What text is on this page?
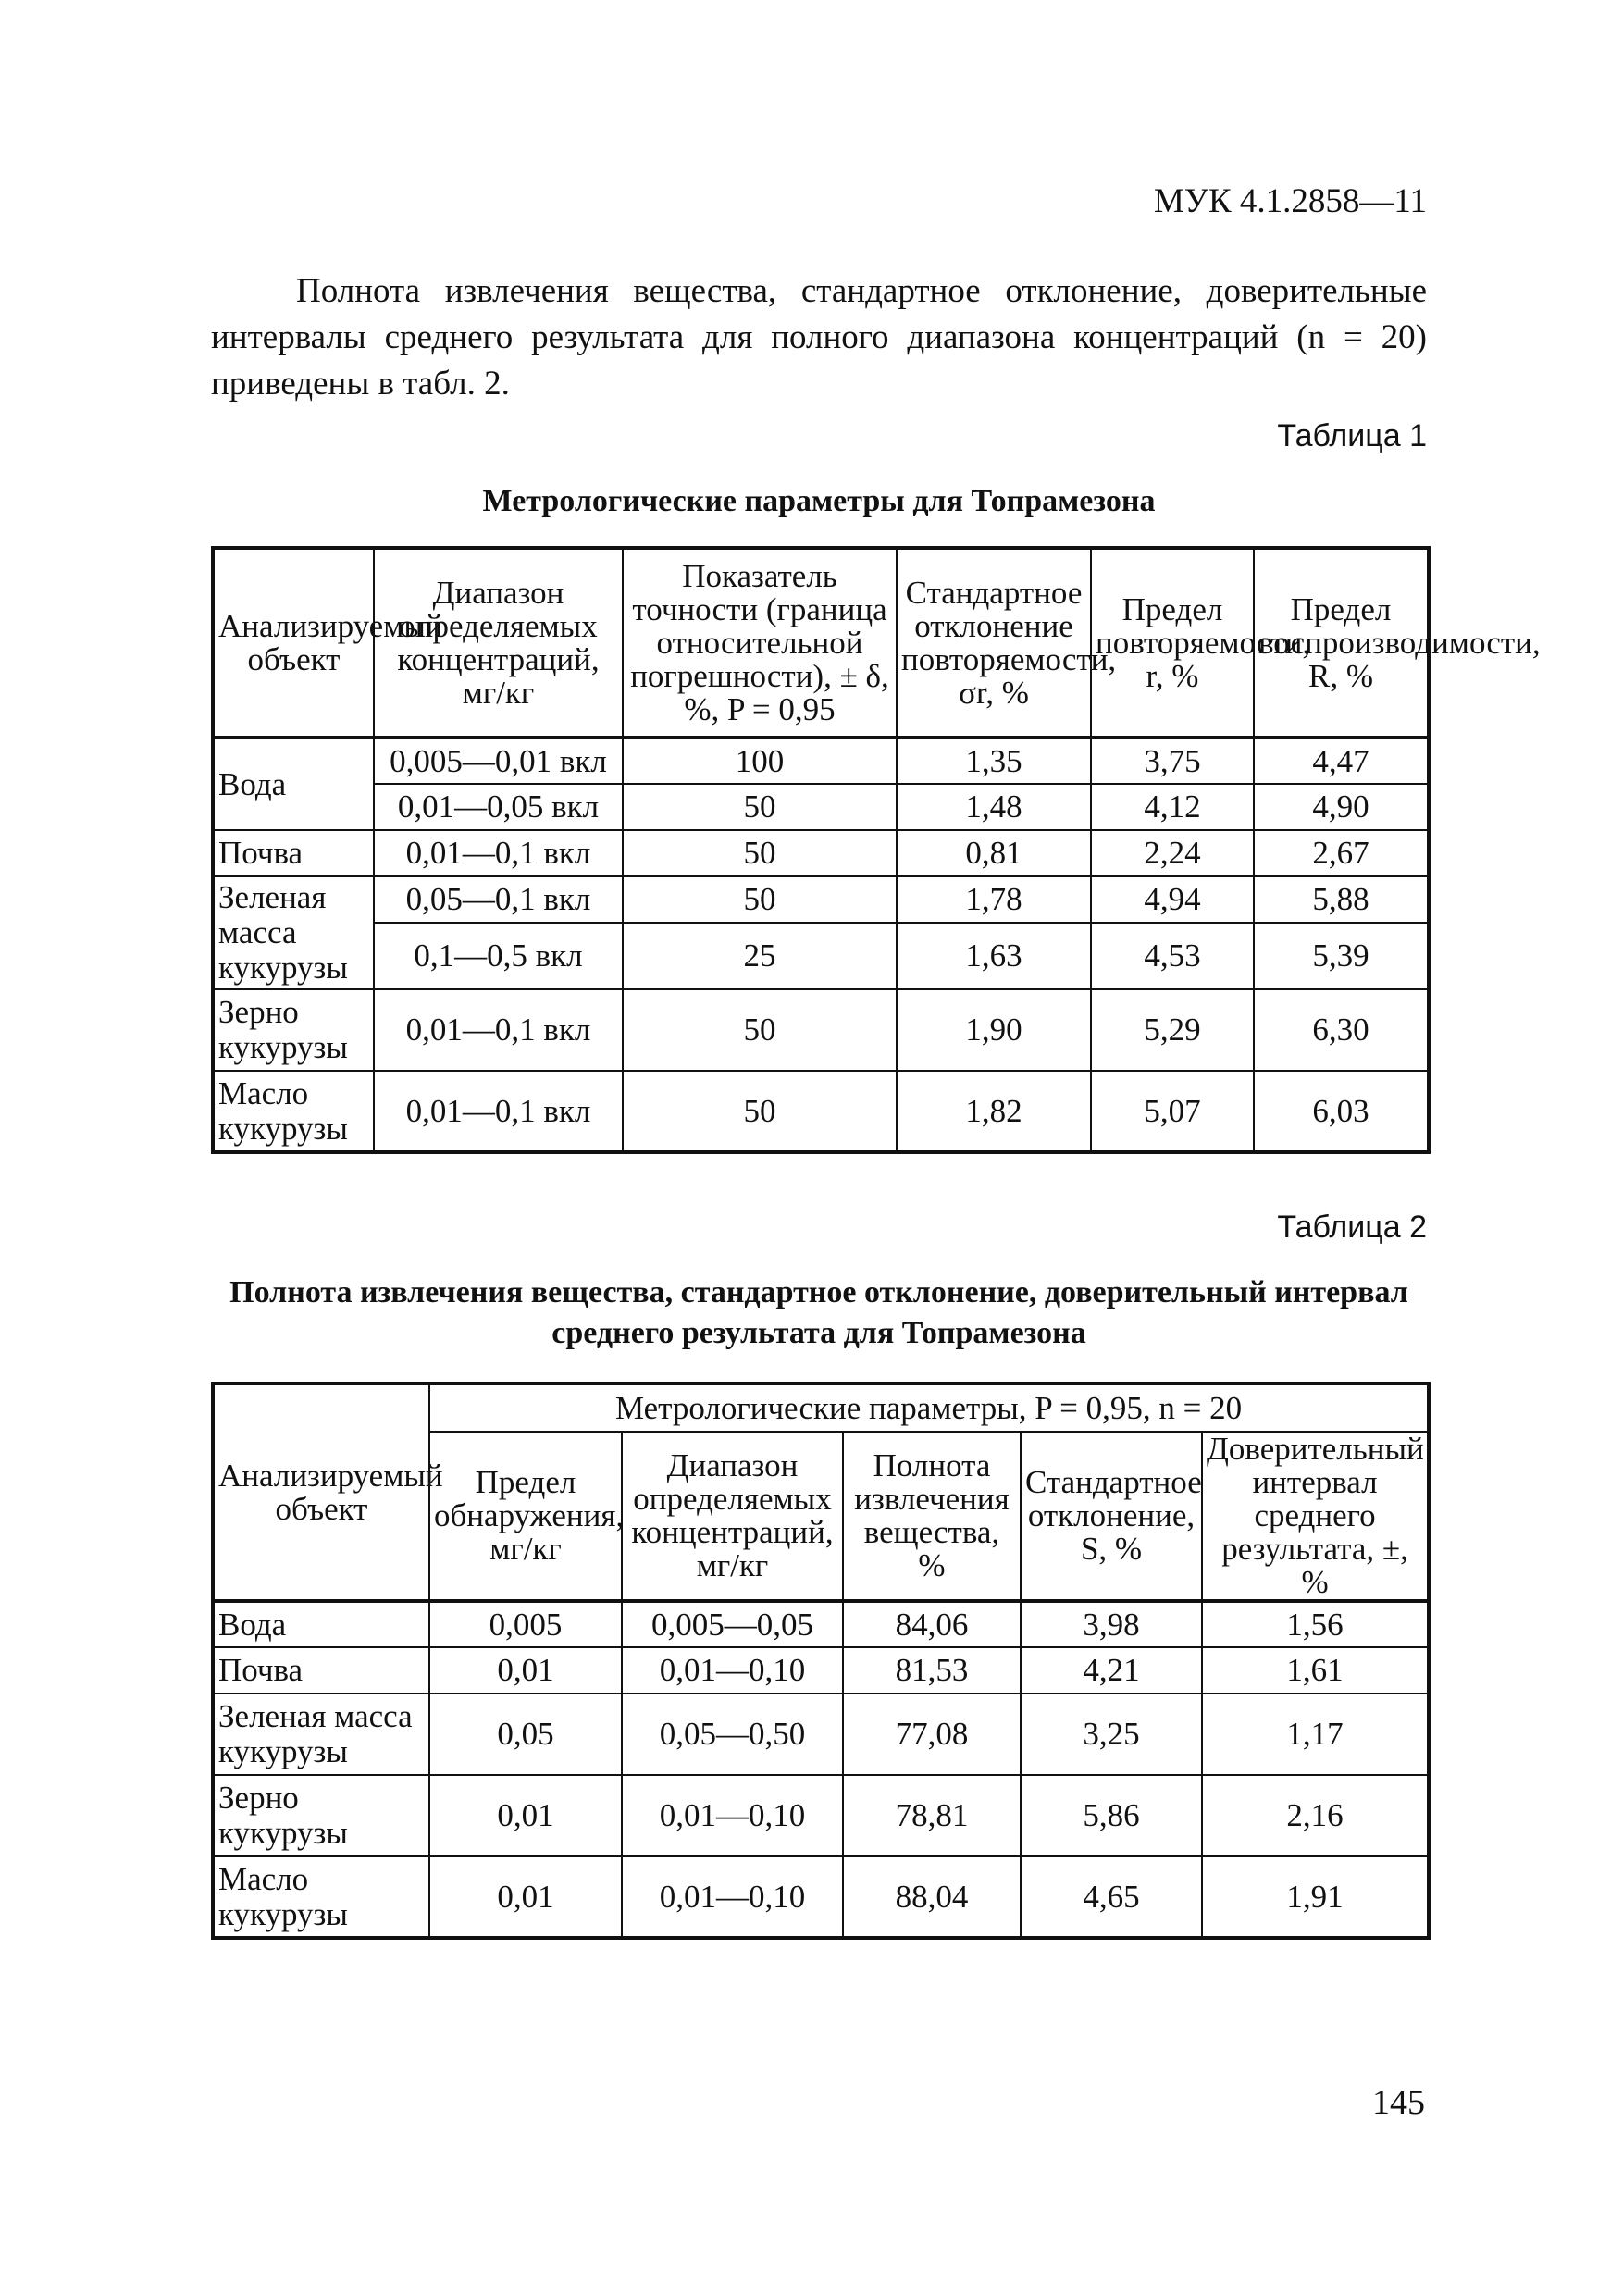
МУК 4.1.2858—11

Полнота извлечения вещества, стандартное отклонение, доверительные интервалы среднего результата для полного диапазона концентраций (n = 20) приведены в табл. 2.

Таблица 1
Метрологические параметры для Топрамезона
Анализируемый объект	Диапазон определяемых концентраций, мг/кг	Показатель точности (границa относительной погрешности), ± δ, %, P = 0,95	Стандартное отклонение повторяемости, σr, %	Предел повторяемости, r, %	Предел воспроизводимости, R, %
Вода	0,005—0,01 вкл	100	1,35	3,75	4,47
	0,01—0,05 вкл	50	1,48	4,12	4,90
Почва	0,01—0,1 вкл	50	0,81	2,24	2,67
Зеленая масса кукурузы	0,05—0,1 вкл	50	1,78	4,94	5,88
	0,1—0,5 вкл	25	1,63	4,53	5,39
Зерно кукурузы	0,01—0,1 вкл	50	1,90	5,29	6,30
Масло кукурузы	0,01—0,1 вкл	50	1,82	5,07	6,03
Таблица 2
Полнота извлечения вещества, стандартное отклонение, доверительный интервал среднего результата для Топрамезона
Анализируемый объект	Метрологические параметры, P = 0,95, n = 20				
	Предел обнаружения, мг/кг	Диапазон определяемых концентраций, мг/кг	Полнота извлечения вещества, %	Стандартное отклонение, S, %	Доверительный интервал среднего результата, ±, %
Вода	0,005	0,005—0,05	84,06	3,98	1,56
Почва	0,01	0,01—0,10	81,53	4,21	1,61
Зеленая масса кукурузы	0,05	0,05—0,50	77,08	3,25	1,17
Зерно кукурузы	0,01	0,01—0,10	78,81	5,86	2,16
Масло кукурузы	0,01	0,01—0,10	88,04	4,65	1,91
145
